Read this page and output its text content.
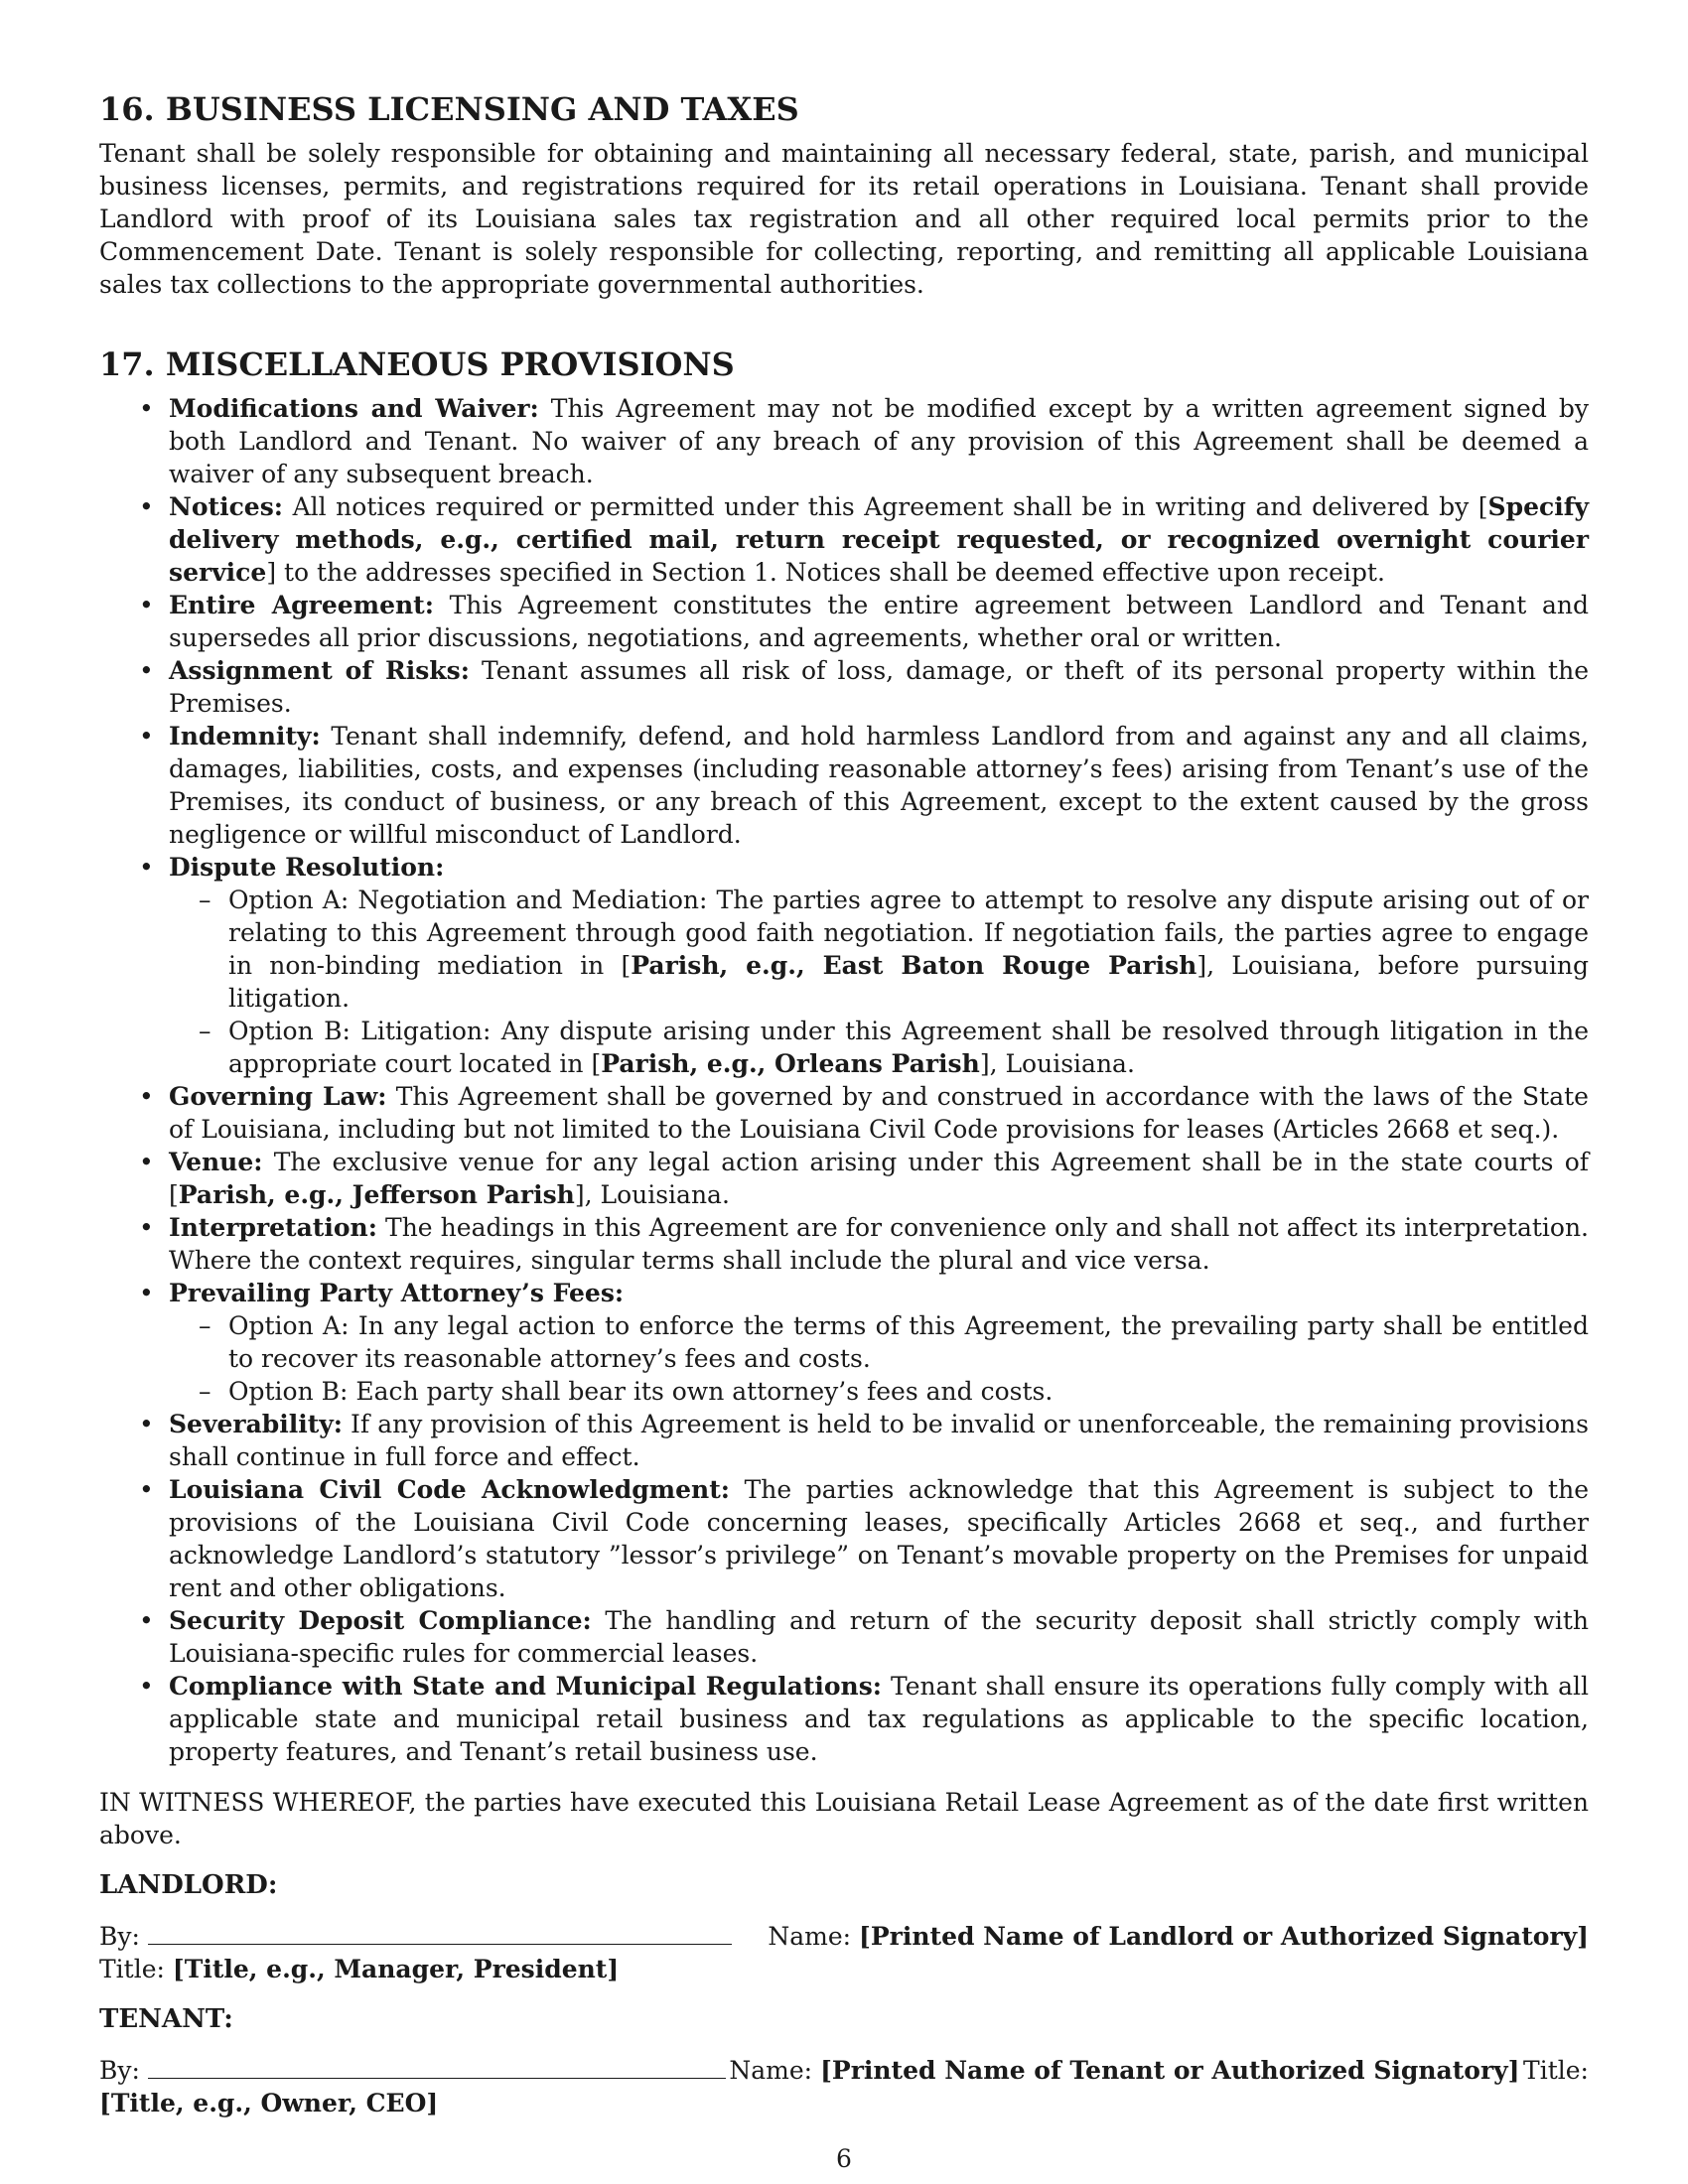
16. BUSINESS LICENSING AND TAXES

Tenant shall be solely responsible for obtaining and maintaining all necessary federal, state, parish, and municipal business licenses, permits, and registrations required for its retail operations in Louisiana. Tenant shall provide Landlord with proof of its Louisiana sales tax registration and all other required local permits prior to the Commencement Date. Tenant is solely responsible for collecting, reporting, and remitting all applicable Louisiana sales tax collections to the appropriate governmental authorities.

17. MISCELLANEOUS PROVISIONS
• Modifications and Waiver: This Agreement may not be modified except by a written agreement signed by both Landlord and Tenant. No waiver of any breach of any provision of this Agreement shall be deemed a waiver of any subsequent breach.
• Notices: All notices required or permitted under this Agreement shall be in writing and delivered by [Specify delivery methods, e.g., certified mail, return receipt requested, or recognized overnight courier service] to the addresses specified in Section 1. Notices shall be deemed effective upon receipt.
• Entire Agreement: This Agreement constitutes the entire agreement between Landlord and Tenant and supersedes all prior discussions, negotiations, and agreements, whether oral or written.
• Assignment of Risks: Tenant assumes all risk of loss, damage, or theft of its personal property within the Premises.
• Indemnity: Tenant shall indemnify, defend, and hold harmless Landlord from and against any and all claims, damages, liabilities, costs, and expenses (including reasonable attorney’s fees) arising from Tenant’s use of the Premises, its conduct of business, or any breach of this Agreement, except to the extent caused by the gross negligence or willful misconduct of Landlord.
• Dispute Resolution:
– Option A: Negotiation and Mediation: The parties agree to attempt to resolve any dispute arising out of or relating to this Agreement through good faith negotiation. If negotiation fails, the parties agree to engage in non-binding mediation in [Parish, e.g., East Baton Rouge Parish], Louisiana, before pursuing litigation.
– Option B: Litigation: Any dispute arising under this Agreement shall be resolved through litigation in the appropriate court located in [Parish, e.g., Orleans Parish], Louisiana.
• Governing Law: This Agreement shall be governed by and construed in accordance with the laws of the State of Louisiana, including but not limited to the Louisiana Civil Code provisions for leases (Articles 2668 et seq.).
• Venue: The exclusive venue for any legal action arising under this Agreement shall be in the state courts of [Parish, e.g., Jefferson Parish], Louisiana.
• Interpretation: The headings in this Agreement are for convenience only and shall not affect its interpretation. Where the context requires, singular terms shall include the plural and vice versa.
• Prevailing Party Attorney’s Fees:
– Option A: In any legal action to enforce the terms of this Agreement, the prevailing party shall be entitled to recover its reasonable attorney’s fees and costs.
– Option B: Each party shall bear its own attorney’s fees and costs.
• Severability: If any provision of this Agreement is held to be invalid or unenforceable, the remaining provisions shall continue in full force and effect.
• Louisiana Civil Code Acknowledgment: The parties acknowledge that this Agreement is subject to the provisions of the Louisiana Civil Code concerning leases, specifically Articles 2668 et seq., and further acknowledge Landlord’s statutory ”lessor’s privilege” on Tenant’s movable property on the Premises for unpaid rent and other obligations.
• Security Deposit Compliance: The handling and return of the security deposit shall strictly comply with Louisiana-specific rules for commercial leases.
• Compliance with State and Municipal Regulations: Tenant shall ensure its operations fully comply with all applicable state and municipal retail business and tax regulations as applicable to the specific location, property features, and Tenant’s retail business use.

IN WITNESS WHEREOF, the parties have executed this Louisiana Retail Lease Agreement as of the date first written above.

LANDLORD:
By:	Name: [Printed Name of Landlord or Authorized Signatory]
Title: [Title, e.g., Manager, President]
TENANT:
By:	Name: [Printed Name of Tenant or Authorized Signatory] Title:
[Title, e.g., Owner, CEO]
6
